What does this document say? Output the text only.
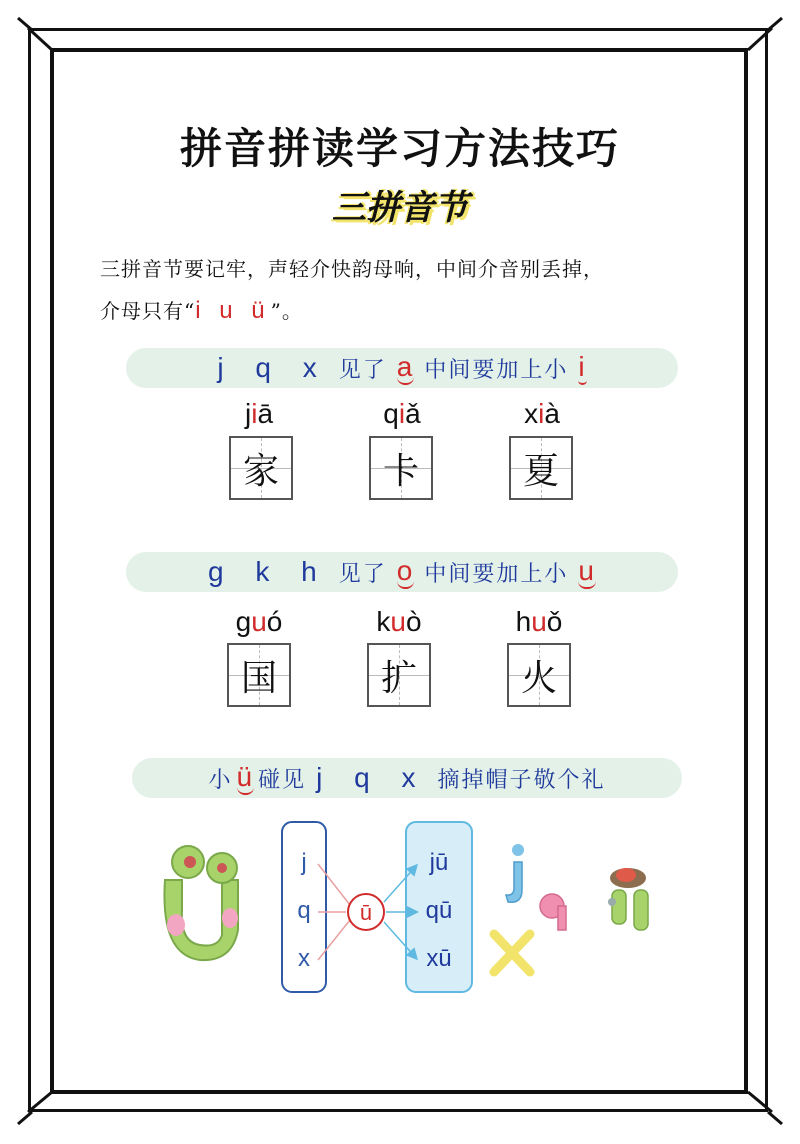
拼音拼读学习方法技巧
三拼音节
三拼音节要记牢，声轻介快韵母响，中间介音别丢掉，
介母只有“i u ü”。
j q x 见了 a 中间要加上小 i
jiā	qiǎ	xià
家	卡	夏
g k h 见了 o 中间要加上小 u
guó	kuò	huǒ
国	扩	火
小 ü 碰见 j q x 摘掉帽子敬个礼
j
q
x
ū
jū
qū
xū
